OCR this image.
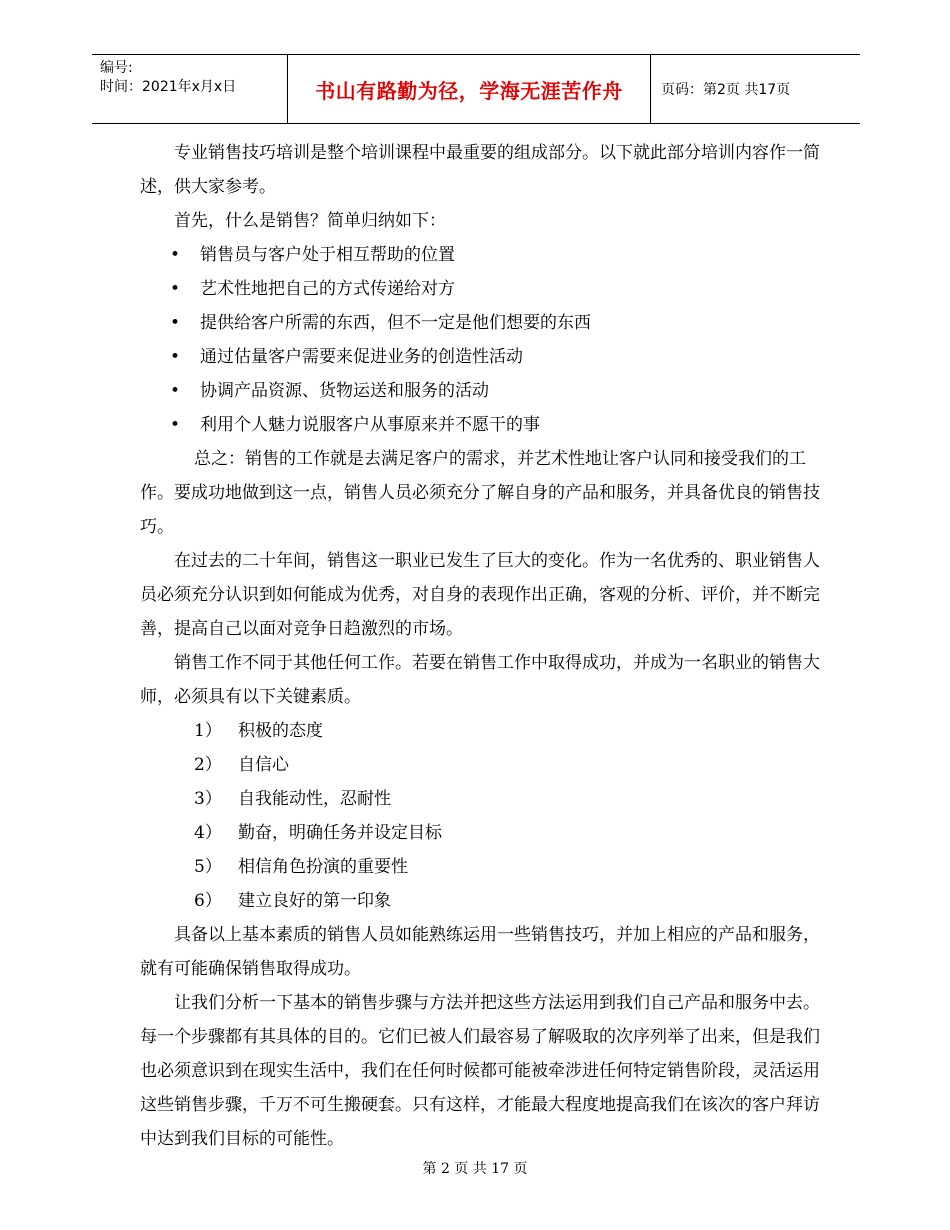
编号:
时间：2021年x月x日	书山有路勤为径，学海无涯苦作舟	页码：第2页 共17页

专业销售技巧培训是整个培训课程中最重要的组成部分。以下就此部分培训内容作一简述，供大家参考。

首先，什么是销售？简单归纳如下：

•	销售员与客户处于相互帮助的位置
•	艺术性地把自己的方式传递给对方
•	提供给客户所需的东西，但不一定是他们想要的东西
•	通过估量客户需要来促进业务的创造性活动
•	协调产品资源、货物运送和服务的活动
•	利用个人魅力说服客户从事原来并不愿干的事

总之：销售的工作就是去满足客户的需求，并艺术性地让客户认同和接受我们的工作。要成功地做到这一点，销售人员必须充分了解自身的产品和服务，并具备优良的销售技巧。

在过去的二十年间，销售这一职业已发生了巨大的变化。作为一名优秀的、职业销售人员必须充分认识到如何能成为优秀，对自身的表现作出正确，客观的分析、评价，并不断完善，提高自己以面对竞争日趋激烈的市场。

销售工作不同于其他任何工作。若要在销售工作中取得成功，并成为一名职业的销售大师，必须具有以下关键素质。

1） 积极的态度
2） 自信心
3） 自我能动性，忍耐性
4） 勤奋，明确任务并设定目标
5） 相信角色扮演的重要性
6） 建立良好的第一印象

具备以上基本素质的销售人员如能熟练运用一些销售技巧，并加上相应的产品和服务，就有可能确保销售取得成功。

让我们分析一下基本的销售步骤与方法并把这些方法运用到我们自己产品和服务中去。每一个步骤都有其具体的目的。它们已被人们最容易了解吸取的次序列举了出来，但是我们也必须意识到在现实生活中，我们在任何时候都可能被牵涉进任何特定销售阶段，灵活运用这些销售步骤，千万不可生搬硬套。只有这样，才能最大程度地提高我们在该次的客户拜访中达到我们目标的可能性。

第 2 页 共 17 页
